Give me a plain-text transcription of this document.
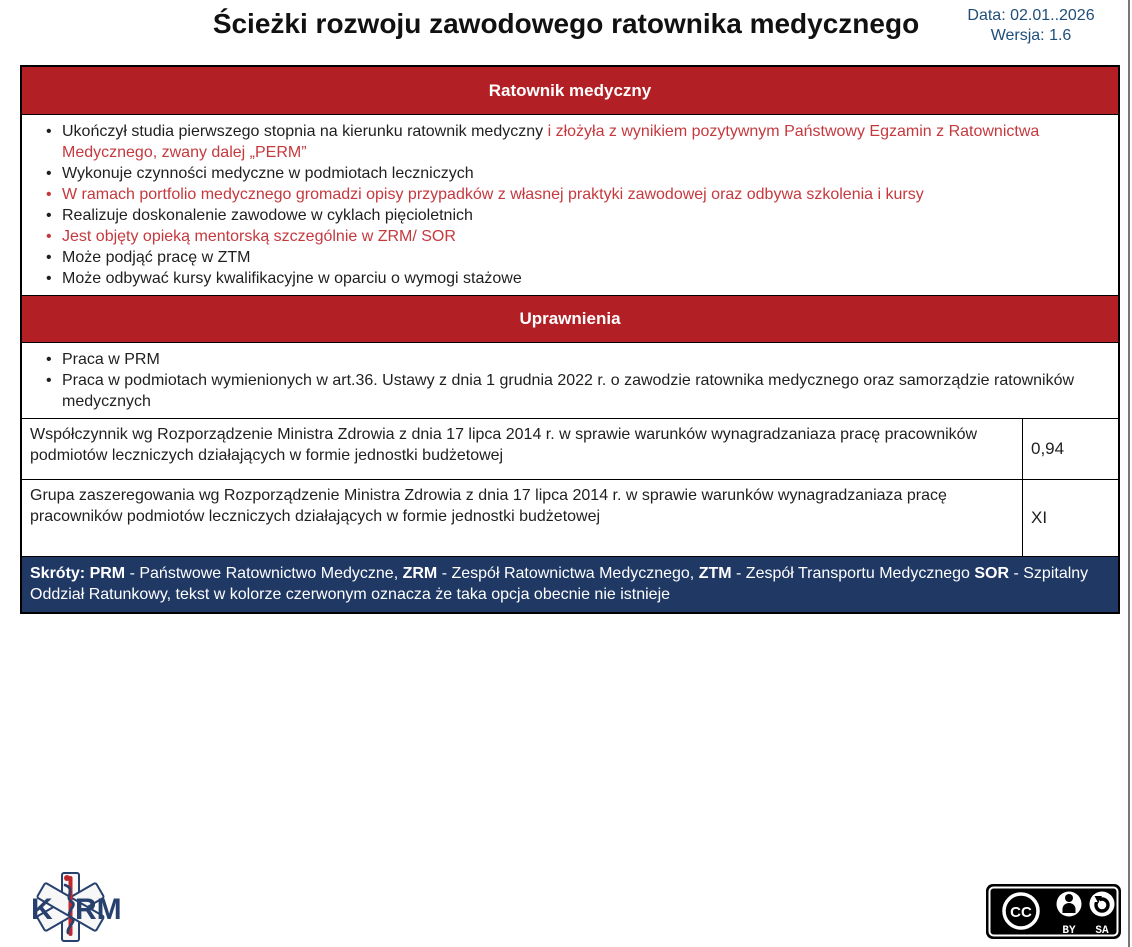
Ścieżki rozwoju zawodowego ratownika medycznego	Data: 02.01..2026
Wersja: 1.6
Ratownik medyczny
• Ukończył studia pierwszego stopnia na kierunku ratownik medyczny i złożyła z wynikiem pozytywnym Państwowy Egzamin z Ratownictwa Medycznego, zwany dalej „PERM”
• Wykonuje czynności medyczne w podmiotach leczniczych
• W ramach portfolio medycznego gromadzi opisy przypadków z własnej praktyki zawodowej oraz odbywa szkolenia i kursy
• Realizuje doskonalenie zawodowe w cyklach pięcioletnich
• Jest objęty opieką mentorską szczególnie w ZRM/ SOR
• Może podjąć pracę w ZTM
• Może odbywać kursy kwalifikacyjne w oparciu o wymogi stażowe
Uprawnienia
• Praca w PRM
• Praca w podmiotach wymienionych w art.36. Ustawy z dnia 1 grudnia 2022 r. o zawodzie ratownika medycznego oraz samorządzie ratowników medycznych
Współczynnik wg Rozporządzenie Ministra Zdrowia z dnia 17 lipca 2014 r. w sprawie warunków wynagradzaniaza pracę pracowników podmiotów leczniczych działających w formie jednostki budżetowej	0,94
Grupa zaszeregowania wg Rozporządzenie Ministra Zdrowia z dnia 17 lipca 2014 r. w sprawie warunków wynagradzaniaza pracę pracowników podmiotów leczniczych działających w formie jednostki budżetowej	XI
Skróty: PRM - Państwowe Ratownictwo Medyczne, ZRM - Zespół Ratownictwa Medycznego, ZTM - Zespół Transportu Medycznego SOR - Szpitalny Oddział Ratunkowy, tekst w kolorze czerwonym oznacza że taka opcja obecnie nie istnieje
K RM	CC
BY SA
